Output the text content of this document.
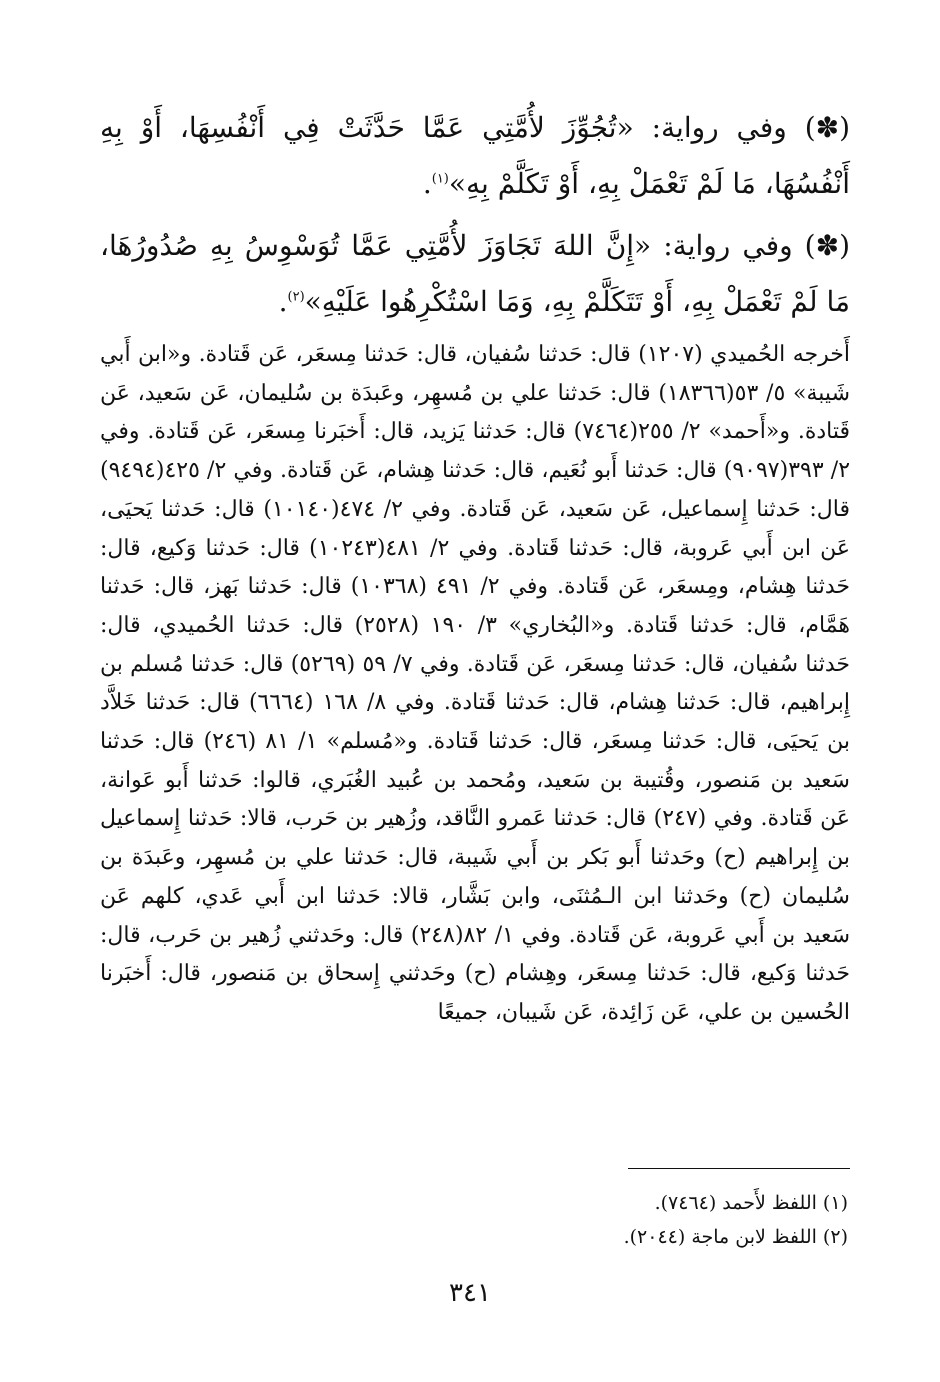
(✽) وفي رواية: «تُجُوِّزَ لأُمَّتِي عَمَّا حَدَّثَتْ فِي أَنْفُسِهَا، أَوْ بِهِ أَنْفُسُهَا، مَا لَمْ تَعْمَلْ بِهِ، أَوْ تَكَلَّمْ بِهِ»$^{(١)}$.

(✽) وفي رواية: «إِنَّ اللهَ تَجَاوَزَ لأُمَّتِي عَمَّا تُوَسْوِسُ بِهِ صُدُورُهَا، مَا لَمْ تَعْمَلْ بِهِ، أَوْ تَتَكَلَّمْ بِهِ، وَمَا اسْتُكْرِهُوا عَلَيْهِ»$^{(٢)}$.

أَخرجه الحُميدي (١٢٠٧) قال: حَدثنا سُفيان، قال: حَدثنا مِسعَر، عَن قَتادة. و«ابن أَبي شَيبة» ٥/ ٥٣(١٨٣٦٦) قال: حَدثنا علي بن مُسهِر، وعَبدَة بن سُليمان، عَن سَعيد، عَن قَتادة. و«أَحمد» ٢/ ٢٥٥(٧٤٦٤) قال: حَدثنا يَزيد، قال: أَخبَرنا مِسعَر، عَن قَتادة. وفي ٢/ ٣٩٣(٩٠٩٧) قال: حَدثنا أَبو نُعَيم، قال: حَدثنا هِشام، عَن قَتادة. وفي ٢/ ٤٢٥(٩٤٩٤) قال: حَدثنا إِسماعيل، عَن سَعيد، عَن قَتادة. وفي ٢/ ٤٧٤(١٠١٤٠) قال: حَدثنا يَحيَى، عَن ابن أَبي عَروبة، قال: حَدثنا قَتادة. وفي ٢/ ٤٨١(١٠٢٤٣) قال: حَدثنا وَكيع، قال: حَدثنا هِشام، ومِسعَر، عَن قَتادة. وفي ٢/ ٤٩١ (١٠٣٦٨) قال: حَدثنا بَهز، قال: حَدثنا هَمَّام، قال: حَدثنا قَتادة. و«البُخاري» ٣/ ١٩٠ (٢٥٢٨) قال: حَدثنا الحُميدي، قال: حَدثنا سُفيان، قال: حَدثنا مِسعَر، عَن قَتادة. وفي ٧/ ٥٩ (٥٢٦٩) قال: حَدثنا مُسلم بن إِبراهيم، قال: حَدثنا هِشام، قال: حَدثنا قَتادة. وفي ٨/ ١٦٨ (٦٦٦٤) قال: حَدثنا خَلاَّد بن يَحيَى، قال: حَدثنا مِسعَر، قال: حَدثنا قَتادة. و«مُسلم» ١/ ٨١ (٢٤٦) قال: حَدثنا سَعيد بن مَنصور، وقُتيبة بن سَعيد، ومُحمد بن عُبيد الغُبَري، قالوا: حَدثنا أَبو عَوانة، عَن قَتادة. وفي (٢٤٧) قال: حَدثنا عَمرو النَّاقد، وزُهير بن حَرب، قالا: حَدثنا إِسماعيل بن إِبراهيم (ح) وحَدثنا أَبو بَكر بن أَبي شَيبة، قال: حَدثنا علي بن مُسهِر، وعَبدَة بن سُليمان (ح) وحَدثنا ابن الـمُثنَى، وابن بَشَّار، قالا: حَدثنا ابن أَبي عَدي، كلهم عَن سَعيد بن أَبي عَروبة، عَن قَتادة. وفي ١/ ٨٢(٢٤٨) قال: وحَدثني زُهير بن حَرب، قال: حَدثنا وَكيع، قال: حَدثنا مِسعَر، وهِشام (ح) وحَدثني إِسحاق بن مَنصور، قال: أَخبَرنا الحُسين بن علي، عَن زَائِدة، عَن شَيبان، جميعًا

(١) اللفظ لأَحمد (٧٤٦٤).

(٢) اللفظ لابن ماجة (٢٠٤٤).

٣٤١
